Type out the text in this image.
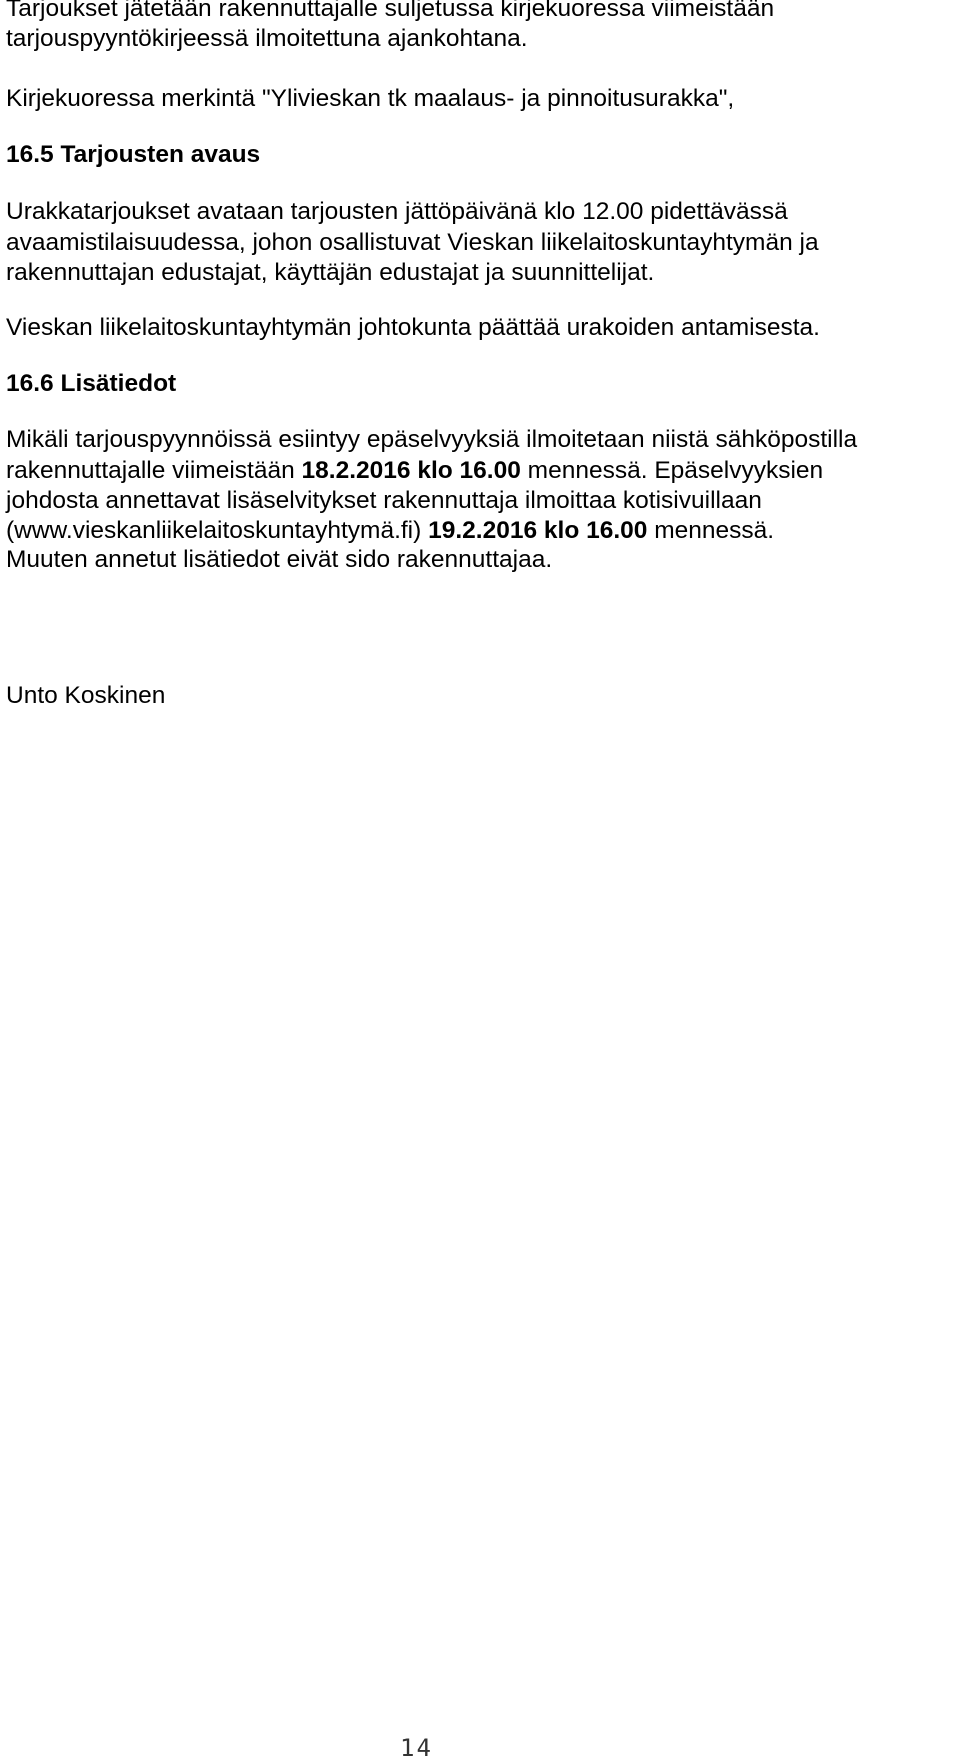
Tarjoukset jätetään rakennuttajalle suljetussa kirjekuoressa viimeistään

tarjouspyyntökirjeessä ilmoitettuna ajankohtana.

Kirjekuoressa merkintä "Ylivieskan tk maalaus- ja pinnoitusurakka",

16.5 Tarjousten avaus

Urakkatarjoukset avataan tarjousten jättöpäivänä klo 12.00 pidettävässä

avaamistilaisuudessa, johon osallistuvat Vieskan liikelaitoskuntayhtymän ja

rakennuttajan edustajat, käyttäjän edustajat ja suunnittelijat.

Vieskan liikelaitoskuntayhtymän johtokunta päättää urakoiden antamisesta.

16.6 Lisätiedot

Mikäli tarjouspyynnöissä esiintyy epäselvyyksiä ilmoitetaan niistä sähköpostilla

rakennuttajalle viimeistään 18.2.2016 klo 16.00 mennessä. Epäselvyyksien

johdosta annettavat lisäselvitykset rakennuttaja ilmoittaa kotisivuillaan

(www.vieskanliikelaitoskuntayhtymä.fi) 19.2.2016 klo 16.00 mennessä.

Muuten annetut lisätiedot eivät sido rakennuttajaa.

Unto Koskinen

14
